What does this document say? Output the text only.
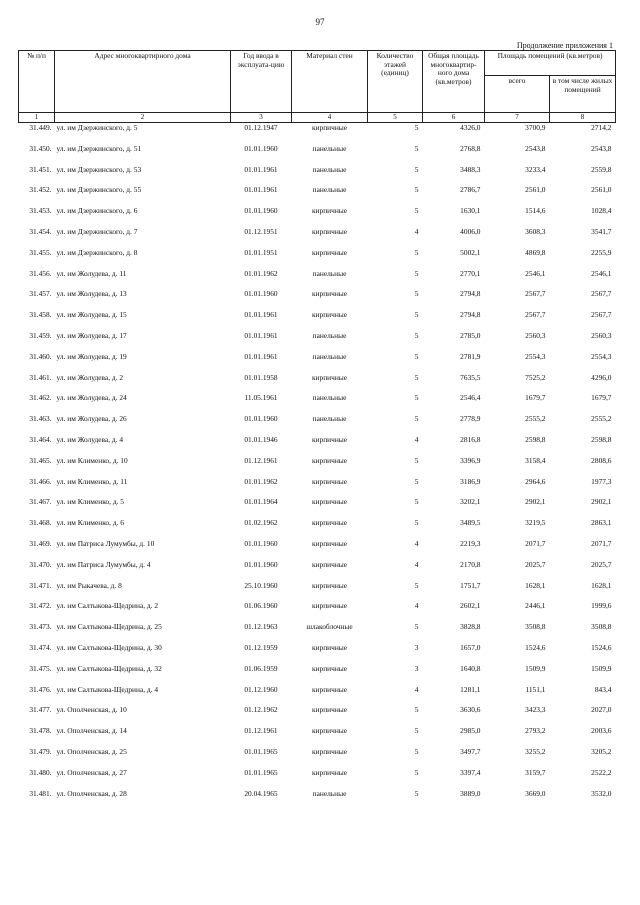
97
Продолжение приложения 1
№ п/п	Адрес многоквартирного дома	Год ввода в эксплуата-цию	Материал стен	Количество этажей (единиц)	Общая площадь многоквартир-ного дома (кв.метров)	Площадь помещений (кв.метров)	
						всего	в том числе жилых помещений
1	2	3	4	5	6	7	8
31.449.	ул. им Дзержинского, д. 5	01.12.1947	кирпичные	5	4326,0	3700,9	2714,2
31.450.	ул. им Дзержинского, д. 51	01.01.1960	панельные	5	2768,8	2543,8	2543,8
31.451.	ул. им Дзержинского, д. 53	01.01.1961	панельные	5	3488,3	3233,4	2559,8
31.452.	ул. им Дзержинского, д. 55	01.01.1961	панельные	5	2786,7	2561,0	2561,0
31.453.	ул. им Дзержинского, д. 6	01.01.1960	кирпичные	5	1630,1	1514,6	1028,4
31.454.	ул. им Дзержинского, д. 7	01.12.1951	кирпичные	4	4006,0	3608,3	3541,7
31.455.	ул. им Дзержинского, д. 8	01.01.1951	кирпичные	5	5002,1	4869,8	2255,9
31.456.	ул. им Жолудева, д. 11	01.01.1962	панельные	5	2770,1	2546,1	2546,1
31.457.	ул. им Жолудева, д. 13	01.01.1960	кирпичные	5	2794,8	2567,7	2567,7
31.458.	ул. им Жолудева, д. 15	01.01.1961	кирпичные	5	2794,8	2567,7	2567,7
31.459.	ул. им Жолудева, д. 17	01.01.1961	панельные	5	2785,0	2560,3	2560,3
31.460.	ул. им Жолудева, д. 19	01.01.1961	панельные	5	2781,9	2554,3	2554,3
31.461.	ул. им Жолудева, д. 2	01.01.1958	кирпичные	5	7635,5	7525,2	4296,0
31.462.	ул. им Жолудева, д. 24	11.05.1961	панельные	5	2546,4	1679,7	1679,7
31.463.	ул. им Жолудева, д. 26	01.01.1960	панельные	5	2778,9	2555,2	2555,2
31.464.	ул. им Жолудева, д. 4	01.01.1946	кирпичные	4	2816,8	2598,8	2598,8
31.465.	ул. им Клименко, д. 10	01.12.1961	кирпичные	5	3396,9	3158,4	2808,6
31.466.	ул. им Клименко, д. 11	01.01.1962	кирпичные	5	3186,9	2964,6	1977,3
31.467.	ул. им Клименко, д. 5	01.01.1964	кирпичные	5	3202,1	2902,1	2902,1
31.468.	ул. им Клименко, д. 6	01.02.1962	кирпичные	5	3489,5	3219,5	2863,1
31.469.	ул. им Патриса Лумумбы, д. 10	01.01.1960	кирпичные	4	2219,3	2071,7	2071,7
31.470.	ул. им Патриса Лумумбы, д. 4	01.01.1960	кирпичные	4	2170,8	2025,7	2025,7
31.471.	ул. им Рыкачева, д. 8	25.10.1960	кирпичные	5	1751,7	1628,1	1628,1
31.472.	ул. им Салтыкова-Щедрина, д. 2	01.06.1960	кирпичные	4	2602,1	2446,1	1999,6
31.473.	ул. им Салтыкова-Щедрина, д. 25	01.12.1963	шлакоблочные	5	3828,8	3508,8	3508,8
31.474.	ул. им Салтыкова-Щедрина, д. 30	01.12.1959	кирпичные	3	1657,0	1524,6	1524,6
31.475.	ул. им Салтыкова-Щедрина, д. 32	01.06.1959	кирпичные	3	1640,8	1509,9	1509,9
31.476.	ул. им Салтыкова-Щедрина, д. 4	01.12.1960	кирпичные	4	1281,1	1151,1	843,4
31.477.	ул. Ополченская, д. 10	01.12.1962	кирпичные	5	3630,6	3423,3	2027,0
31.478.	ул. Ополченская, д. 14	01.12.1961	кирпичные	5	2985,0	2793,2	2003,6
31.479.	ул. Ополченская, д. 25	01.01.1965	кирпичные	5	3497,7	3255,2	3205,2
31.480.	ул. Ополченская, д. 27	01.01.1965	кирпичные	5	3397,4	3159,7	2522,2
31.481.	ул. Ополченская, д. 28	20.04.1965	панельные	5	3889,0	3669,0	3532,0
